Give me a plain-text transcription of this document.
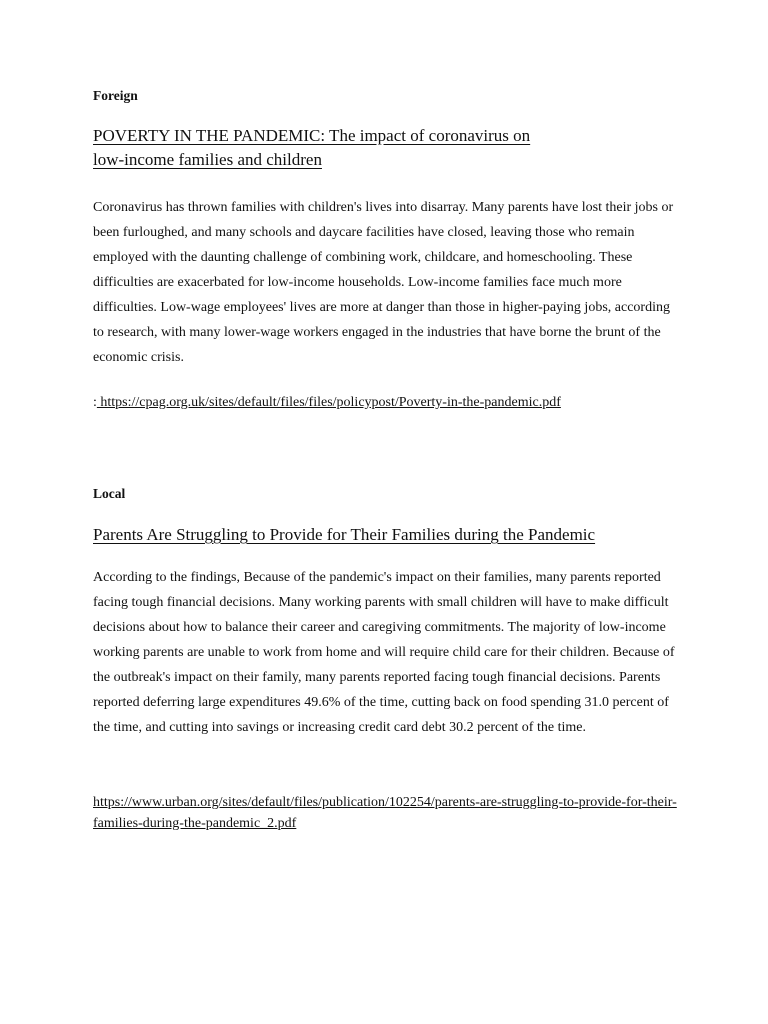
Foreign

POVERTY IN THE PANDEMIC: The impact of coronavirus on
low-income families and children

Coronavirus has thrown families with children's lives into disarray. Many parents have lost their jobs or been furloughed, and many schools and daycare facilities have closed, leaving those who remain employed with the daunting challenge of combining work, childcare, and homeschooling. These difficulties are exacerbated for low-income households. Low-income families face much more difficulties. Low-wage employees' lives are more at danger than those in higher-paying jobs, according to research, with many lower-wage workers engaged in the industries that have borne the brunt of the economic crisis.

: https://cpag.org.uk/sites/default/files/files/policypost/Poverty-in-the-pandemic.pdf

Local

Parents Are Struggling to Provide for Their Families during the Pandemic

According to the findings, Because of the pandemic's impact on their families, many parents reported facing tough financial decisions. Many working parents with small children will have to make difficult decisions about how to balance their career and caregiving commitments. The majority of low-income working parents are unable to work from home and will require child care for their children. Because of the outbreak's impact on their family, many parents reported facing tough financial decisions. Parents reported deferring large expenditures 49.6% of the time, cutting back on food spending 31.0 percent of the time, and cutting into savings or increasing credit card debt 30.2 percent of the time.

https://www.urban.org/sites/default/files/publication/102254/parents-are-struggling-to-provide-for-their-families-during-the-pandemic_2.pdf
